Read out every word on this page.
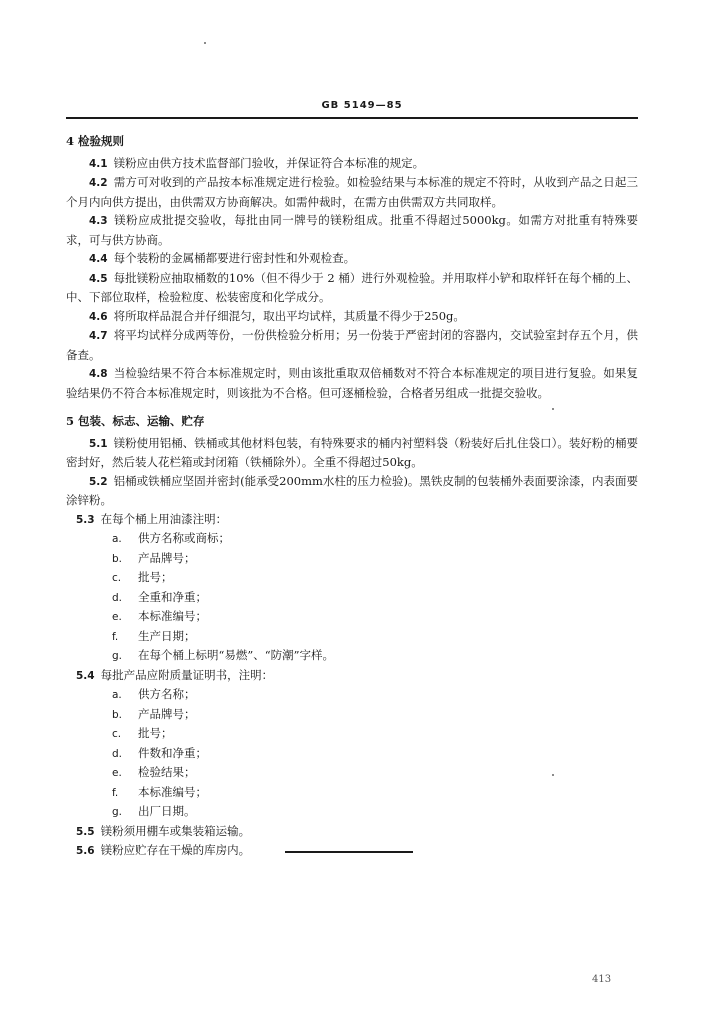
GB 5149—85
4 检验规则
4.1 镁粉应由供方技术监督部门验收，并保证符合本标准的规定。
4.2 需方可对收到的产品按本标准规定进行检验。如检验结果与本标准的规定不符时，从收到产品之日起三个月内向供方提出，由供需双方协商解决。如需仲裁时，在需方由供需双方共同取样。
4.3 镁粉应成批提交验收，每批由同一牌号的镁粉组成。批重不得超过5000kg。如需方对批重有特殊要求，可与供方协商。
4.4 每个装粉的金属桶都要进行密封性和外观检查。
4.5 每批镁粉应抽取桶数的10%（但不得少于 2 桶）进行外观检验。并用取样小铲和取样钎在每个桶的上、中、下部位取样，检验粒度、松装密度和化学成分。
4.6 将所取样品混合并仔细混匀，取出平均试样，其质量不得少于250g。
4.7 将平均试样分成两等份，一份供检验分析用；另一份装于严密封闭的容器内，交试验室封存五个月，供备查。
4.8 当检验结果不符合本标准规定时，则由该批重取双倍桶数对不符合本标准规定的项目进行复验。如果复验结果仍不符合本标准规定时，则该批为不合格。但可逐桶检验，合格者另组成一批提交验收。
5 包装、标志、运输、贮存
5.1 镁粉使用铝桶、铁桶或其他材料包装，有特殊要求的桶内衬塑料袋（粉装好后扎住袋口）。装好粉的桶要密封好，然后装人花栏箱或封闭箱（铁桶除外）。全重不得超过50kg。
5.2 铝桶或铁桶应坚固并密封(能承受200mm水柱的压力检验)。黑铁皮制的包装桶外表面要涂漆，内表面要涂锌粉。
5.3 在每个桶上用油漆注明：
a. 供方名称或商标；
b. 产品牌号；
c. 批号；
d. 全重和净重；
e. 本标准编号；
f. 生产日期；
g. 在每个桶上标明“易燃”、“防潮”字样。
5.4 每批产品应附质量证明书，注明：
a. 供方名称；
b. 产品牌号；
c. 批号；
d. 件数和净重；
e. 检验结果；
f. 本标准编号；
g. 出厂日期。
5.5 镁粉须用棚车或集装箱运输。
5.6 镁粉应贮存在干燥的库房内。
413
